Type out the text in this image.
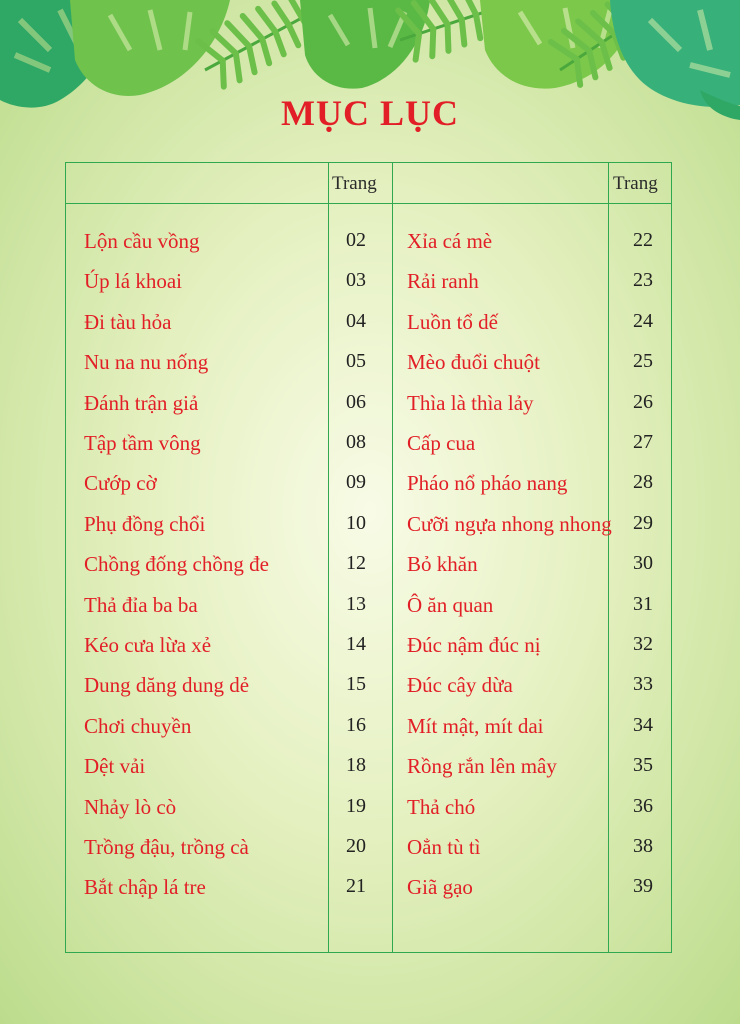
MỤC LỤC
Trang	Trang
Lộn cầu vồng	02	Xỉa cá mè	22
Úp lá khoai	03	Rải ranh	23
Đi tàu hỏa	04	Luồn tổ dế	24
Nu na nu nống	05	Mèo đuổi chuột	25
Đánh trận giả	06	Thìa là thìa lảy	26
Tập tầm vông	08	Cấp cua	27
Cướp cờ	09	Pháo nổ pháo nang	28
Phụ đồng chổi	10	Cưỡi ngựa nhong nhong	29
Chồng đống chồng đe	12	Bỏ khăn	30
Thả đỉa ba ba	13	Ô ăn quan	31
Kéo cưa lừa xẻ	14	Đúc nậm đúc nị	32
Dung dăng dung dẻ	15	Đúc cây dừa	33
Chơi chuyền	16	Mít mật, mít dai	34
Dệt vải	18	Rồng rắn lên mây	35
Nhảy lò cò	19	Thả chó	36
Trồng đậu, trồng cà	20	Oẳn tù tì	38
Bắt chập lá tre	21	Giã gạo	39
